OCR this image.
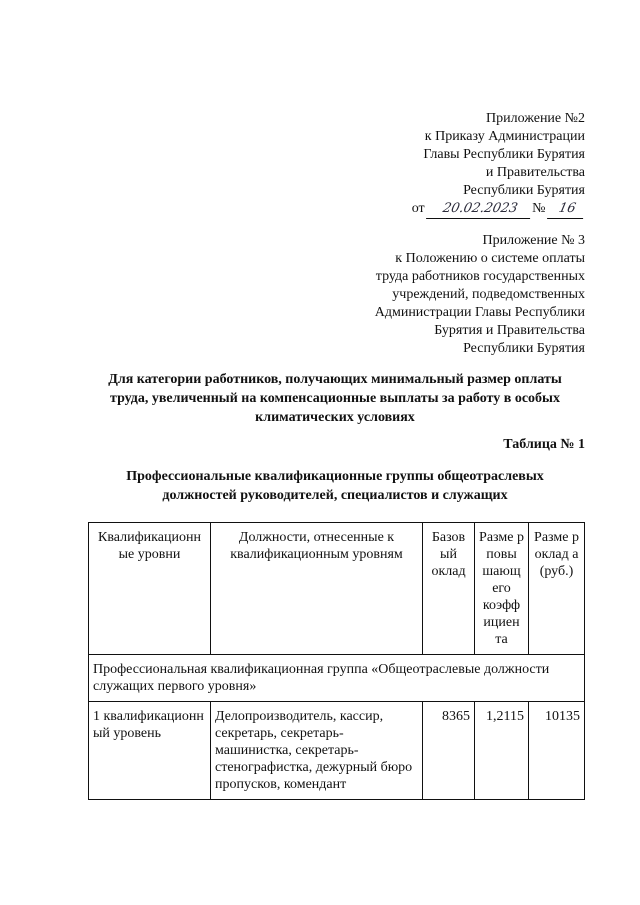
Приложение №2
к Приказу Администрации
Главы Республики Бурятия
и Правительства
Республики Бурятия
от 20.02.2023 № 16
Приложение № 3
к Положению о системе оплаты
труда работников государственных
учреждений, подведомственных
Администрации Главы Республики
Бурятия и Правительства
Республики Бурятия
Для категории работников, получающих минимальный размер оплаты
труда, увеличенный на компенсационные выплаты за работу в особых
климатических условиях
Таблица № 1
Профессиональные квалификационные группы общеотраслевых
должностей руководителей, специалистов и служащих
Квалификационн ые уровни	Должности, отнесенные к квалификационным уровням	Базов ый оклад	Разме р повы шающ его коэфф ициен та	Разме р оклад а (руб.)
Профессиональная квалификационная группа «Общеотраслевые должности служащих первого уровня»				
1 квалификационн ый уровень	Делопроизводитель, кассир, секретарь, секретарь-машинистка, секретарь-стенографистка, дежурный бюро пропусков, комендант	8365	1,2115	10135
